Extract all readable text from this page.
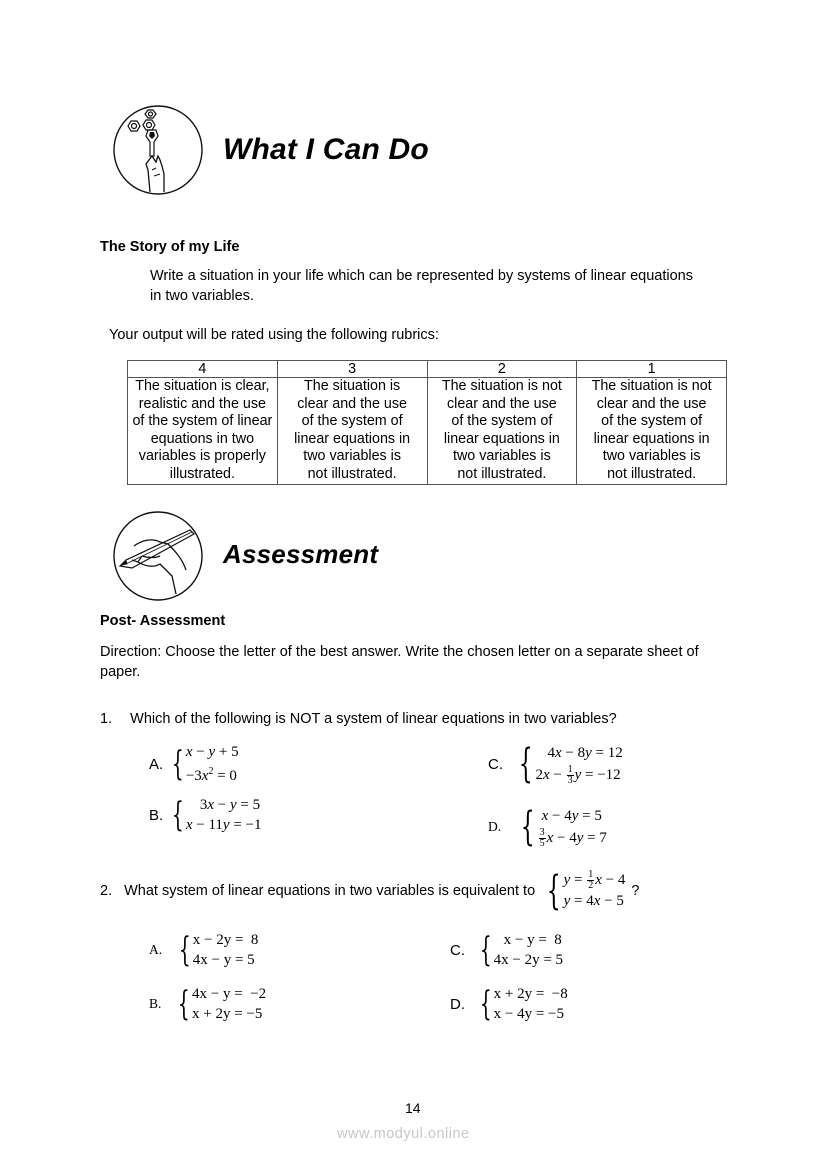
What I Can Do
The Story of my Life
Write a situation in your life which can be represented by systems of linear equations
in two variables.
Your output will be rated using the following rubrics:
4	3	2	1

The situation is clear,
realistic and the use
of the system of linear
equations in two
variables is properly
illustrated.

The situation is
clear and the use
of the system of
linear equations in
two variables is
not illustrated.

The situation is not
clear and the use
of the system of
linear equations in
two variables is
not illustrated.

The situation is not
clear and the use
of the system of
linear equations in
two variables is
not illustrated.
Assessment
Post- Assessment
Direction: Choose the letter of the best answer. Write the chosen letter on a separate sheet of
paper.
1. Which of the following is NOT a system of linear equations in two variables?
A. { x − y + 5
$-3x^2 = 0$
B. {	3x − y = 5
x − 11y = −1
C. { 4x − 8y = 12
$2x - \frac{1}{3}$ y = −12
D. { x − 4y = 5
$\frac{3}{5}$ x − 4y = 7
2. What system of linear equations in two variables is equivalent to { $y = \frac{1}{2}$ x − 4
y = 4x − 5
?
A. { x − 2y =  8
4x − y = 5
B. { 4x − y =  −2
x + 2y = −5
C. { x − y =  8
4x − 2y = 5
D. { x + 2y =  −8
x − 4y = −5
14
www.modyul.online
